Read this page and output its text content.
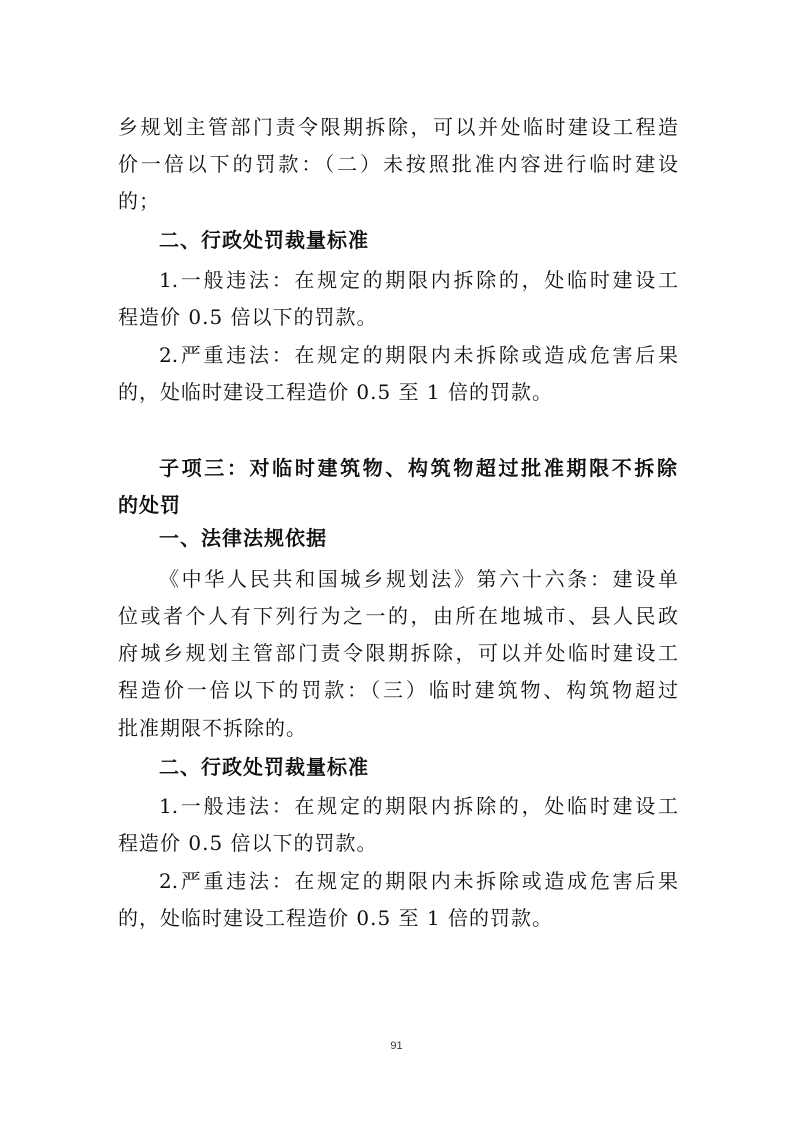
乡规划主管部门责令限期拆除，可以并处临时建设工程造
价一倍以下的罚款：（二）未按照批准内容进行临时建设
的；
二、行政处罚裁量标准
1.一般违法：在规定的期限内拆除的，处临时建设工
程造价 0.5 倍以下的罚款。
2.严重违法：在规定的期限内未拆除或造成危害后果
的，处临时建设工程造价 0.5 至 1 倍的罚款。
子项三：对临时建筑物、构筑物超过批准期限不拆除
的处罚
一、法律法规依据
《中华人民共和国城乡规划法》第六十六条：建设单
位或者个人有下列行为之一的，由所在地城市、县人民政
府城乡规划主管部门责令限期拆除，可以并处临时建设工
程造价一倍以下的罚款：（三）临时建筑物、构筑物超过
批准期限不拆除的。
二、行政处罚裁量标准
1.一般违法：在规定的期限内拆除的，处临时建设工
程造价 0.5 倍以下的罚款。
2.严重违法：在规定的期限内未拆除或造成危害后果
的，处临时建设工程造价 0.5 至 1 倍的罚款。
91
